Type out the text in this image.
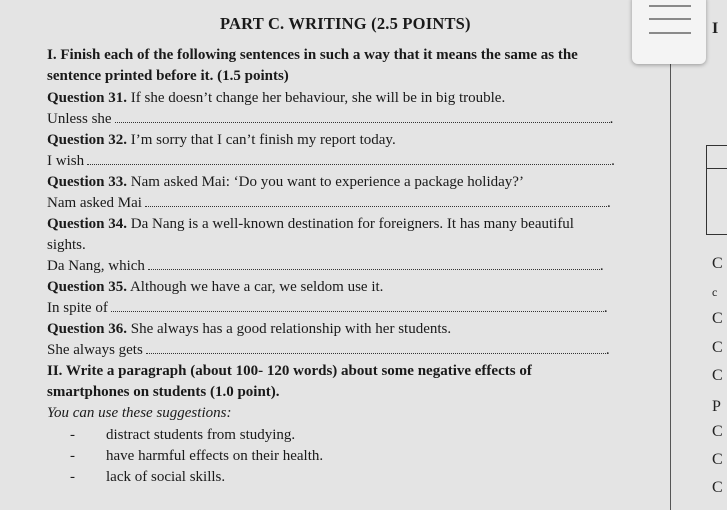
PART C. WRITING (2.5 POINTS)
I. Finish each of the following sentences in such a way that it means the same as the
sentence printed before it. (1.5 points)
Question 31. If she doesn’t change her behaviour, she will be in big trouble.
Unless she	.
Question 32. I’m sorry that I can’t finish my report today.
I wish	.
Question 33. Nam asked Mai: ‘Do you want to experience a package holiday?’
Nam asked Mai	.
Question 34. Da Nang is a well-known destination for foreigners. It has many beautiful
sights.
Da Nang, which	.
Question 35. Although we have a car, we seldom use it.
In spite of	.
Question 36. She always has a good relationship with her students.
She always gets	.
II. Write a paragraph (about 100- 120 words) about some negative effects of
smartphones on students (1.0 point).
You can use these suggestions:
- distract students from studying.
- have harmful effects on their health.
- lack of social skills.
I
C
c
C
C
C
P
C
C
C
